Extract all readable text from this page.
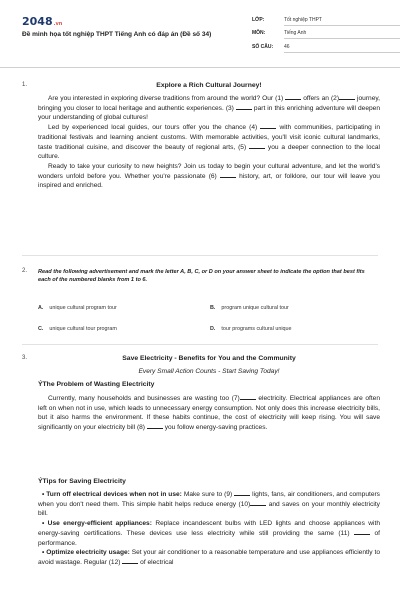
2048.vn
Đề minh họa tốt nghiệp THPT Tiếng Anh có đáp án (Đề số 34)
LỚP:	Tốt nghiệp THPT
MÔN:	Tiếng Anh
SỐ CÂU:	46
1.	Explore a Rich Cultural Journey!
Are you interested in exploring diverse traditions from around the world? Our (1)	offers an (2)	journey, bringing you closer to local heritage and authentic experiences. (3)	part in this enriching adventure will deepen your understanding of global cultures!
Led by experienced local guides, our tours offer you the chance (4)	with communities, participating in traditional festivals and learning ancient customs. With memorable activities, you'll visit iconic cultural landmarks, taste traditional cuisine, and discover the beauty of regional arts, (5)	you a deeper connection to the local culture.
Ready to take your curiosity to new heights? Join us today to begin your cultural adventure, and let the world's wonders unfold before you. Whether you're passionate (6)	history, art, or folklore, our tour will leave you inspired and enriched.
2. Read the following advertisement and mark the letter A, B, C, or D on your answer sheet to indicate the option that best fits each of the numbered blanks from 1 to 6.
A. unique cultural program tour	B. program unique cultural tour
C. unique cultural tour program	D. tour programs cultural unique
3.	Save Electricity - Benefits for You and the Community
Every Small Action Counts - Start Saving Today!
ÝThe Problem of Wasting Electricity
Currently, many households and businesses are wasting too (7)	electricity. Electrical appliances are often left on when not in use, which leads to unnecessary energy consumption. Not only does this increase electricity bills, but it also harms the environment. If these habits continue, the cost of electricity will keep rising. You will save significantly on your electricity bill (8)	you follow energy-saving practices.
ÝTips for Saving Electricity
• Turn off electrical devices when not in use: Make sure to (9)	lights, fans, air conditioners, and computers when you don't need them. This simple habit helps reduce energy (10)	and saves on your monthly electricity bill.
• Use energy-efficient appliances: Replace incandescent bulbs with LED lights and choose appliances with energy-saving certifications. These devices use less electricity while still providing the same (11)	of performance.
• Optimize electricity usage: Set your air conditioner to a reasonable temperature and use appliances efficiently to avoid wastage. Regular (12)	of electrical
